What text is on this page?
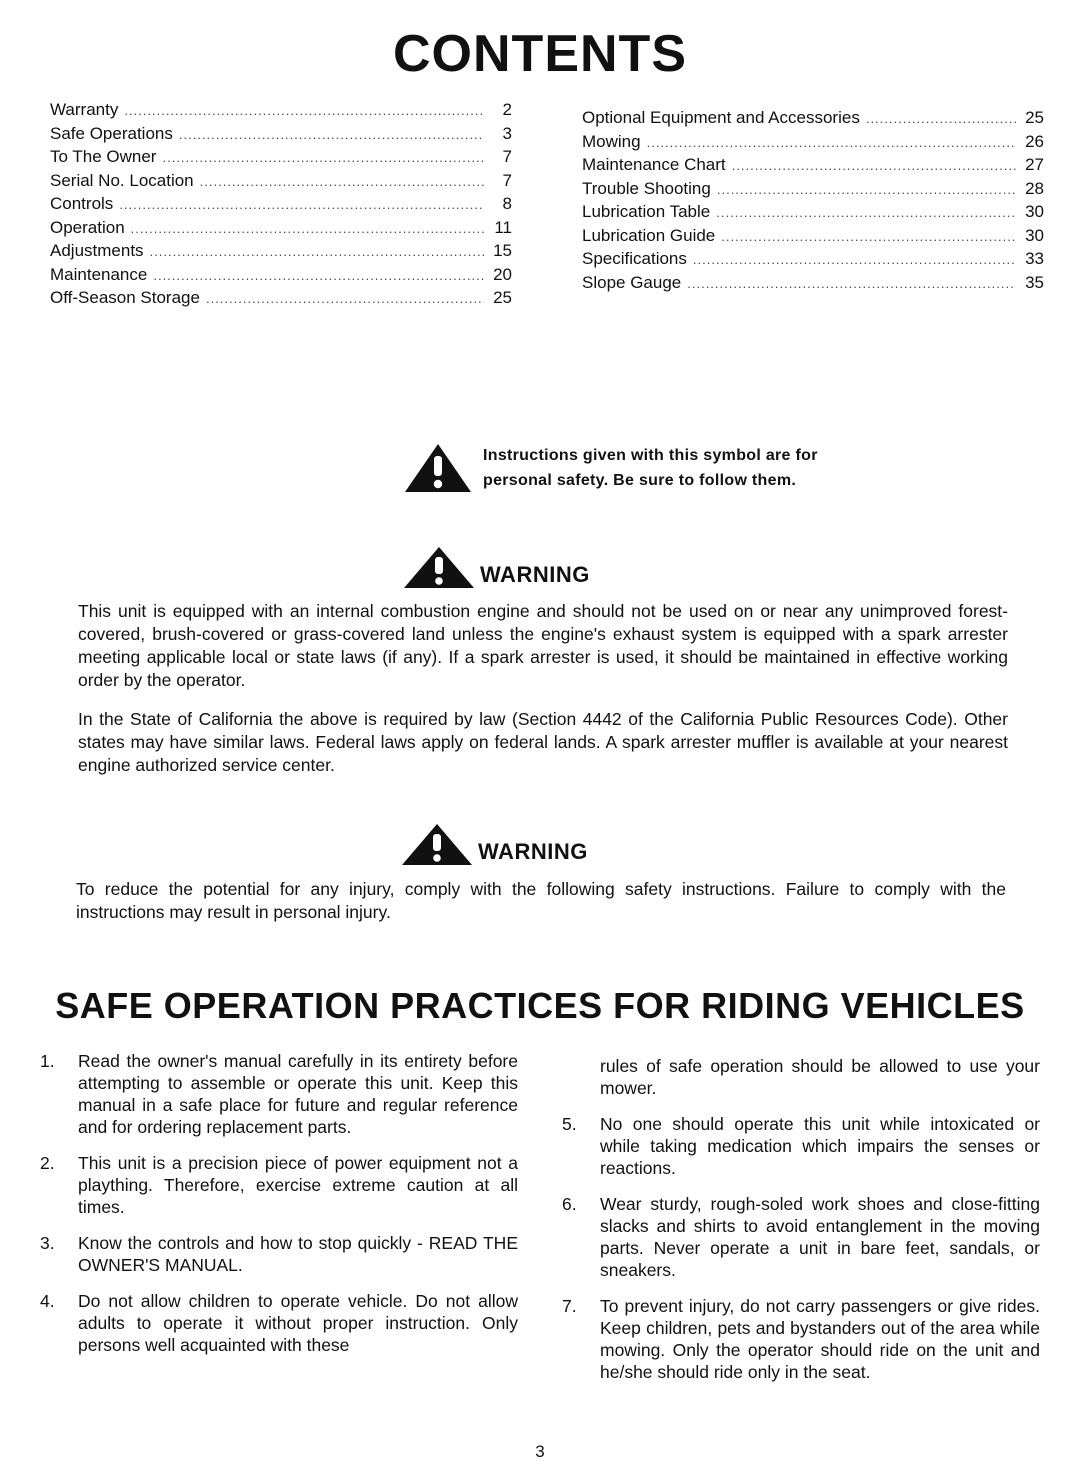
CONTENTS
Warranty .....	2
Safe Operations .....	3
To The Owner .....	7
Serial No. Location .....	7
Controls .....	8
Operation .....	11
Adjustments .....	15
Maintenance .....	20
Off-Season Storage .....	25
Optional Equipment and Accessories .....	25
Mowing .....	26
Maintenance Chart .....	27
Trouble Shooting .....	28
Lubrication Table .....	30
Lubrication Guide .....	30
Specifications .....	33
Slope Gauge .....	35
Instructions given with this symbol are for
personal safety. Be sure to follow them.
WARNING
This unit is equipped with an internal combustion engine and should not be used on or near any unimproved forest-covered, brush-covered or grass-covered land unless the engine's exhaust system is equipped with a spark arrester meeting applicable local or state laws (if any). If a spark arrester is used, it should be maintained in effective working order by the operator.
In the State of California the above is required by law (Section 4442 of the California Public Resources Code). Other states may have similar laws. Federal laws apply on federal lands. A spark arrester muffler is available at your nearest engine authorized service center.
WARNING
To reduce the potential for any injury, comply with the following safety instructions. Failure to comply with the instructions may result in personal injury.
SAFE OPERATION PRACTICES FOR RIDING VEHICLES
1.	Read the owner's manual carefully in its entirety before attempting to assemble or operate this unit. Keep this manual in a safe place for future and regular reference and for ordering replacement parts.
2.	This unit is a precision piece of power equipment not a plaything. Therefore, exercise extreme caution at all times.
3.	Know the controls and how to stop quickly - READ THE OWNER'S MANUAL.
4.	Do not allow children to operate vehicle. Do not allow adults to operate it without proper instruction. Only persons well acquainted with these
rules of safe operation should be allowed to use your mower.
5.	No one should operate this unit while intoxicated or while taking medication which impairs the senses or reactions.
6.	Wear sturdy, rough-soled work shoes and close-fitting slacks and shirts to avoid entanglement in the moving parts. Never operate a unit in bare feet, sandals, or sneakers.
7.	To prevent injury, do not carry passengers or give rides. Keep children, pets and bystanders out of the area while mowing. Only the operator should ride on the unit and he/she should ride only in the seat.
3
